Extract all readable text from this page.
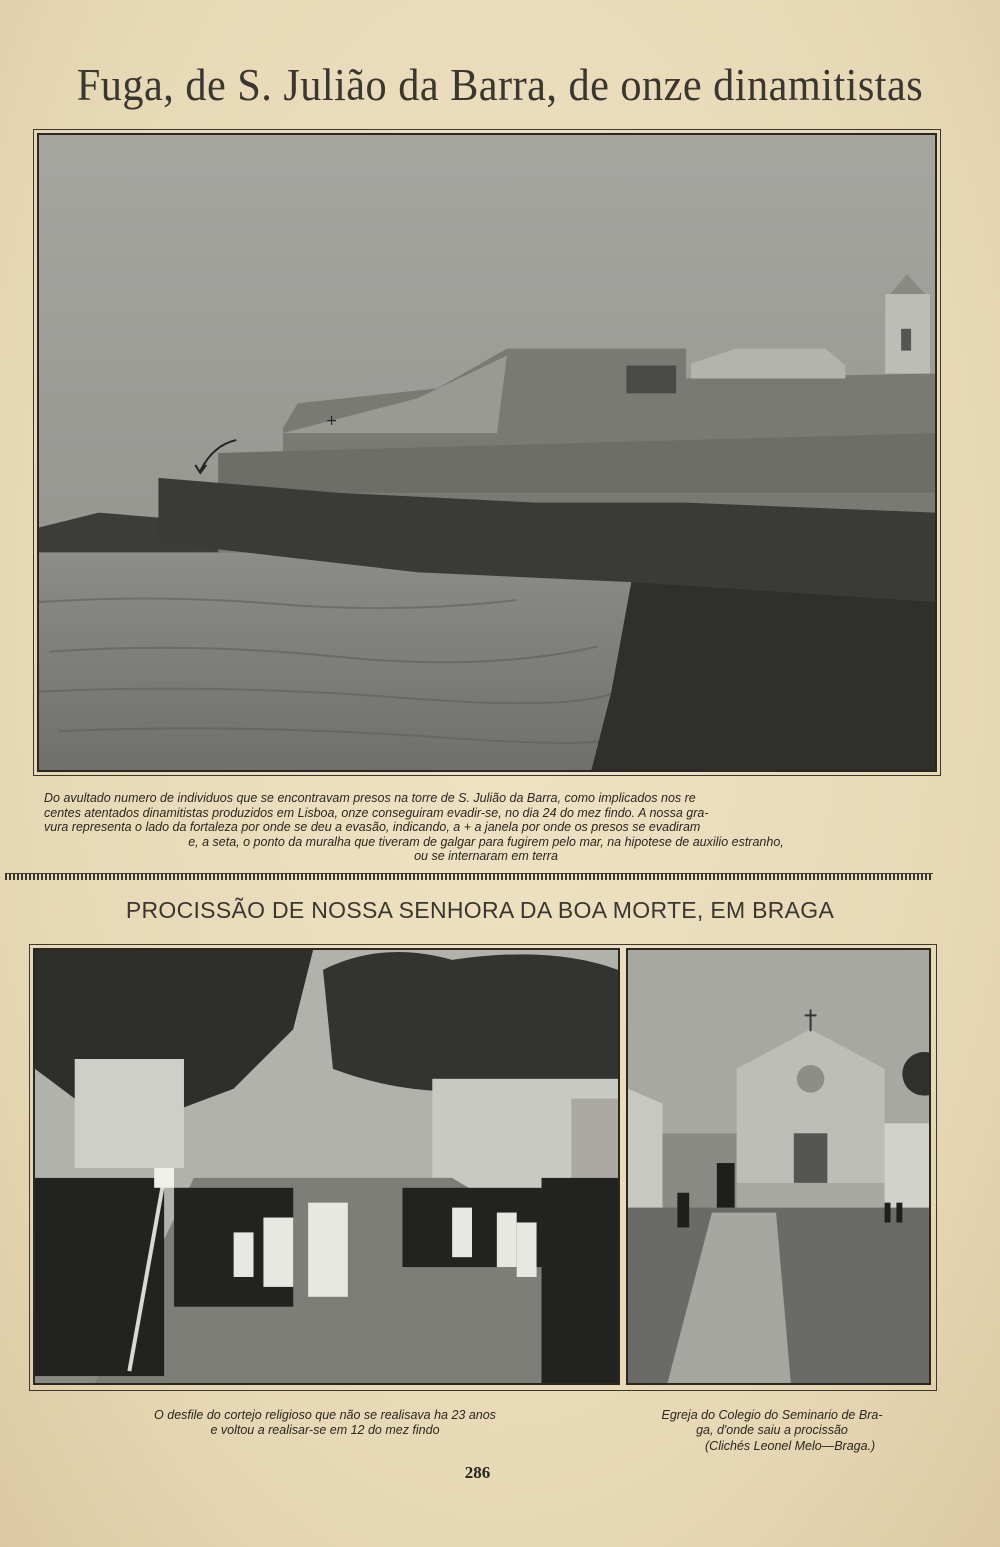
Fuga, de S. Julião da Barra, de onze dinamitistas
+
Do avultado numero de individuos que se encontravam presos na torre de S. Julião da Barra, como implicados nos re
centes atentados dinamitistas produzidos em Lisboa, onze conseguiram evadir-se, no dia 24 do mez findo. A nossa gra-
vura representa o lado da fortaleza por onde se deu a evasão, indicando, a + a janela por onde os presos se evadiram
e, a seta, o ponto da muralha que tiveram de galgar para fugirem pelo mar, na hipotese de auxilio estranho,
ou se internaram em terra
PROCISSÃO DE NOSSA SENHORA DA BOA MORTE, EM BRAGA
O desfile do cortejo religioso que não se realisava ha 23 anos
e voltou a realisar-se em 12 do mez findo
Egreja do Colegio do Seminario de Bra-
ga, d'onde saiu a procissão
(Clichés Leonel Melo—Braga.)
286
